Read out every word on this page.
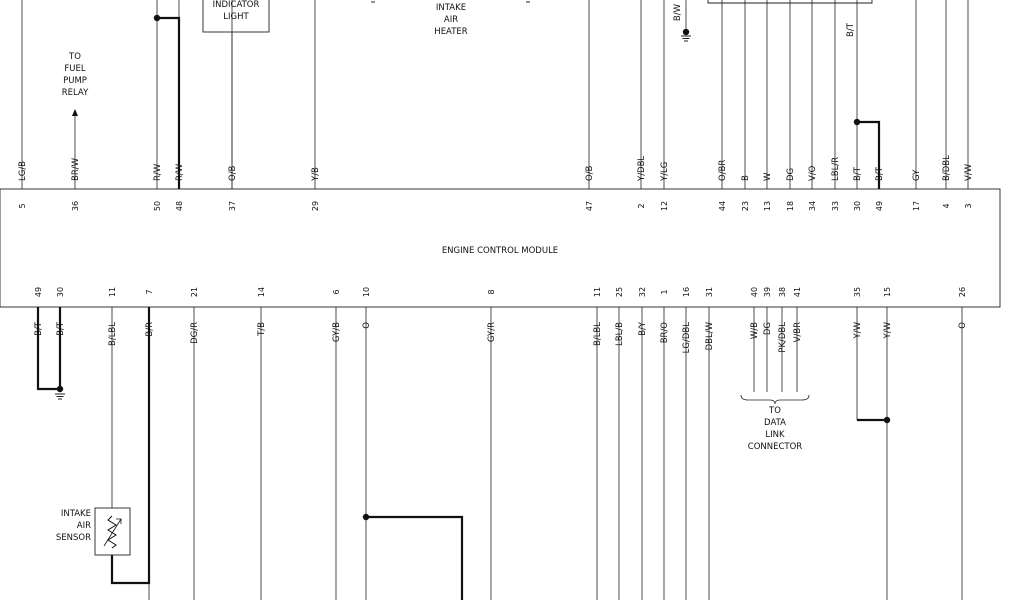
ENGINE CONTROL MODULE
5
LG/B
36
BR/W
50
R/W
48
R/W
37
O/B
29
Y/B
47
O/B
2
Y/DBL
12
Y/LG
44
O/BR
23
B
13
W
18
DG
34
V/O
33
LBL/R
30
B/T
49
B/T
17
GY
4
B/DBL
3
V/W
49
B/T
30
B/T
11
B/LBL
7
B/R
21
DG/R
14
T/B
6
GY/B
10
O
8
GY/R
11
B/LBL
25
LBL/B
32
B/Y
1
BR/O
16
LG/DBL
31
DBL/W
40
W/B
39
DG
38
PK/DBL
41
V/BR
35
Y/W
15
Y/W
26
O
TO
FUEL
PUMP
RELAY
INDICATOR
LIGHT
INTAKE
AIR
HEATER
TO
DATA
LINK
CONNECTOR
INTAKE
AIR
SENSOR
B/W
B/T
